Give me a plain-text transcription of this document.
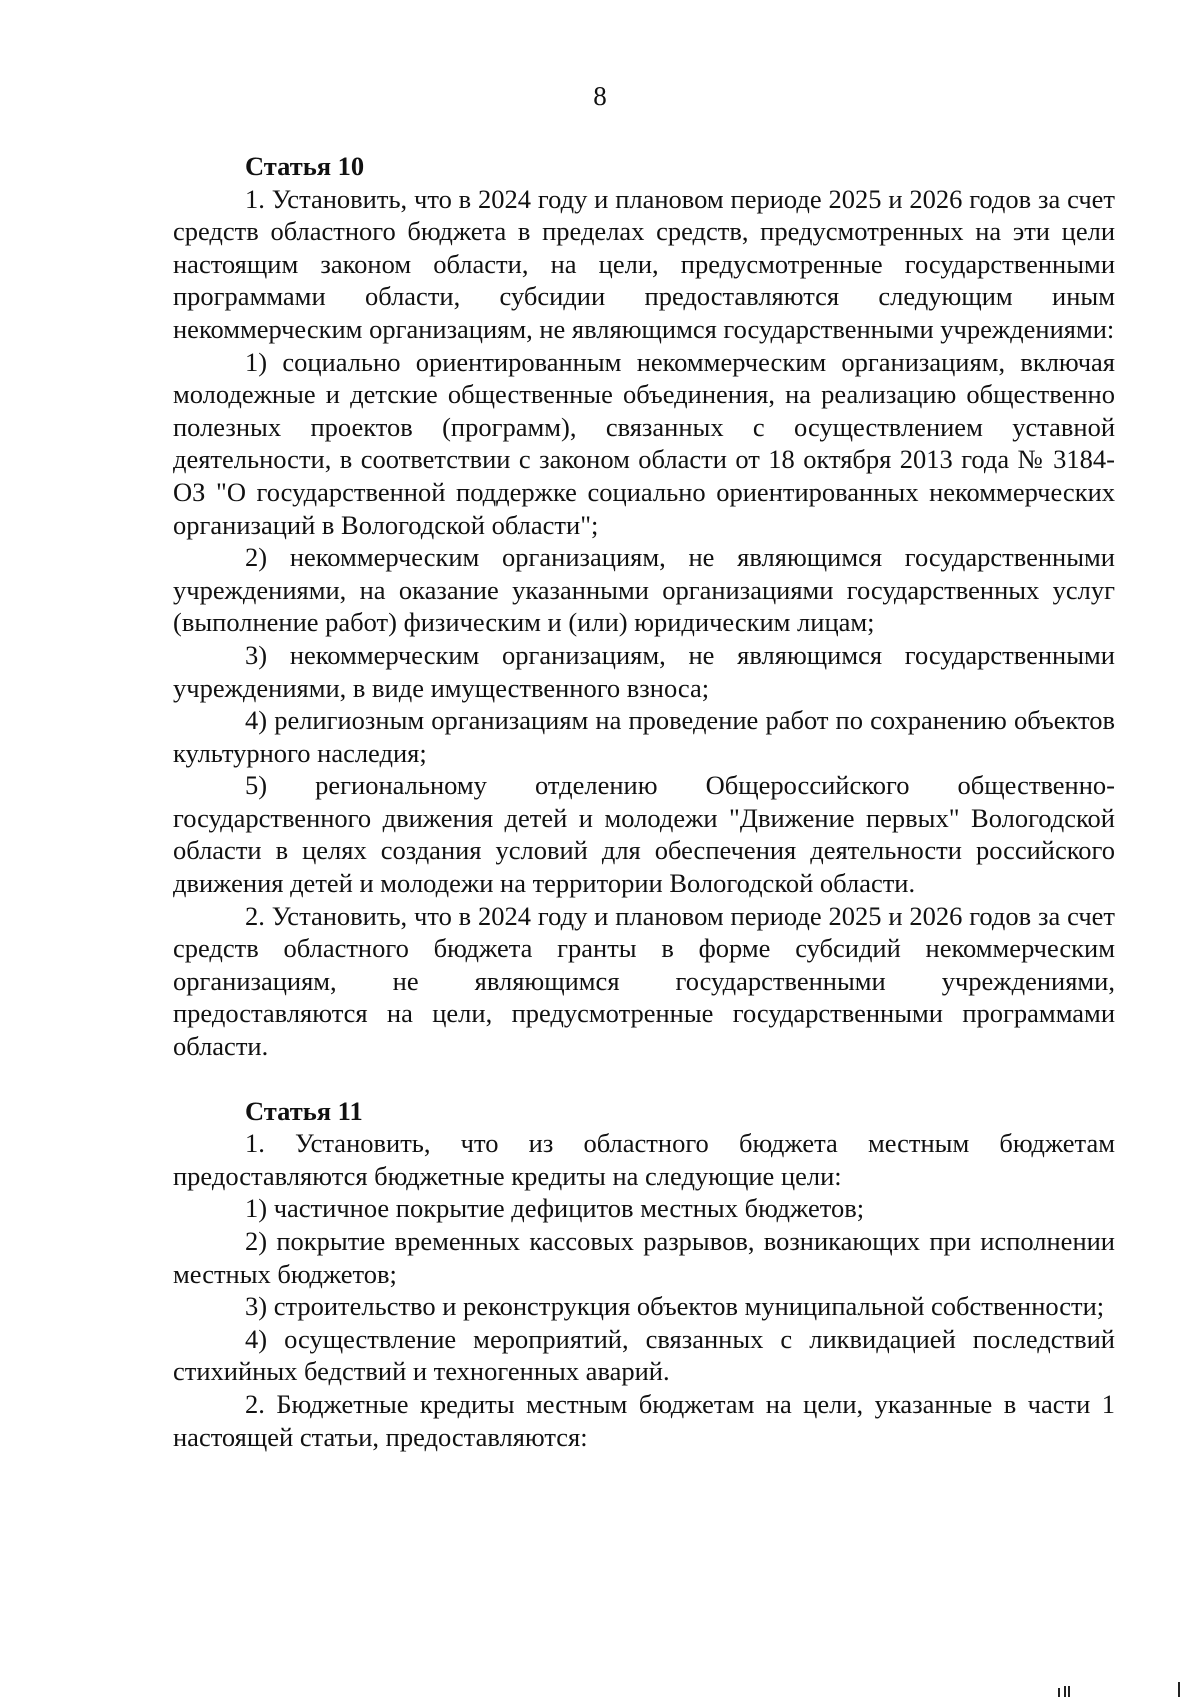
8
Статья 10

1. Установить, что в 2024 году и плановом периоде 2025 и 2026 годов за счет средств областного бюджета в пределах средств, предусмотренных на эти цели настоящим законом области, на цели, предусмотренные государственными программами области, субсидии предоставляются следующим иным некоммерческим организациям, не являющимся государственными учреждениями:

1) социально ориентированным некоммерческим организациям, включая молодежные и детские общественные объединения, на реализацию общественно полезных проектов (программ), связанных с осуществлением уставной деятельности, в соответствии с законом области от 18 октября 2013 года № 3184-ОЗ "О государственной поддержке социально ориентированных некоммерческих организаций в Вологодской области";

2) некоммерческим организациям, не являющимся государственными учреждениями, на оказание указанными организациями государственных услуг (выполнение работ) физическим и (или) юридическим лицам;

3) некоммерческим организациям, не являющимся государственными учреждениями, в виде имущественного взноса;

4) религиозным организациям на проведение работ по сохранению объектов культурного наследия;

5) региональному отделению Общероссийского общественно-государственного движения детей и молодежи "Движение первых" Вологодской области в целях создания условий для обеспечения деятельности российского движения детей и молодежи на территории Вологодской области.

2. Установить, что в 2024 году и плановом периоде 2025 и 2026 годов за счет средств областного бюджета гранты в форме субсидий некоммерческим организациям, не являющимся государственными учреждениями, предоставляются на цели, предусмотренные государственными программами области.

Статья 11

1. Установить, что из областного бюджета местным бюджетам предоставляются бюджетные кредиты на следующие цели:

1) частичное покрытие дефицитов местных бюджетов;

2) покрытие временных кассовых разрывов, возникающих при исполнении местных бюджетов;

3) строительство и реконструкция объектов муниципальной собственности;

4) осуществление мероприятий, связанных с ликвидацией последствий стихийных бедствий и техногенных аварий.

2. Бюджетные кредиты местным бюджетам на цели, указанные в части 1 настоящей статьи, предоставляются:
